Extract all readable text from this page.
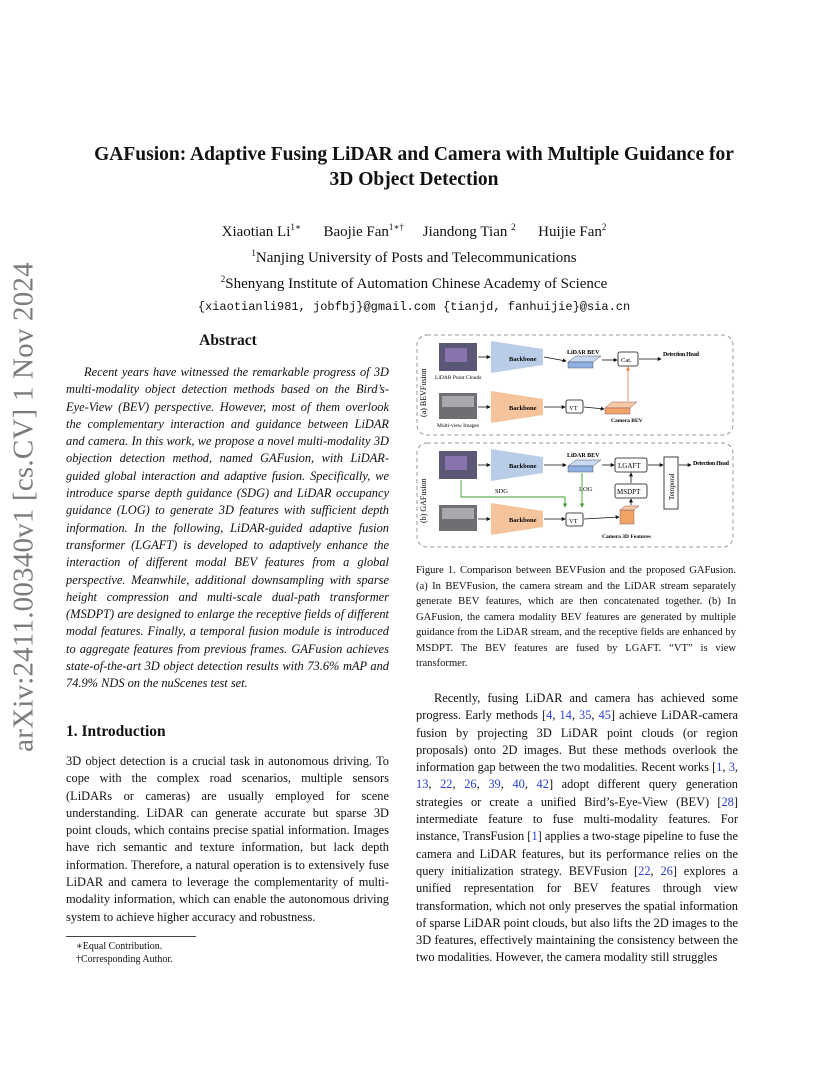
GAFusion: Adaptive Fusing LiDAR and Camera with Multiple Guidance for
3D Object Detection
Xiaotian $Li^{1∗}$ Baojie Fan$^{1∗\dagger}$ Jiandong Tian $^2$ Huijie Fan$^2$
$^1$Nanjing University of Posts and Telecommunications
$^2$Shenyang Institute of Automation Chinese Academy of Science
{xiaotianli981, jobfbj}@gmail.com {tianjd, fanhuijie}@sia.cn
arXiv:2411.00340v1 [cs.CV] 1 Nov 2024	Abstract
Recent years have witnessed the remarkable progress of 3D multi-modality object detection methods based on the Bird’s-Eye-View (BEV) perspective. However, most of them overlook the complementary interaction and guidance between LiDAR and camera. In this work, we propose a novel multi-modality 3D objection detection method, named GAFusion, with LiDAR-guided global interaction and adaptive fusion. Specifically, we introduce sparse depth guidance (SDG) and LiDAR occupancy guidance (LOG) to generate 3D features with sufficient depth information. In the following, LiDAR-guided adaptive fusion transformer (LGAFT) is developed to adaptively enhance the interaction of different modal BEV features from a global perspective. Meanwhile, additional downsampling with sparse height compression and multi-scale dual-path transformer (MSDPT) are designed to enlarge the receptive fields of different modal features. Finally, a temporal fusion module is introduced to aggregate features from previous frames. GAFusion achieves state-of-the-art 3D object detection results with 73.6% mAP and 74.9% NDS on the nuScenes test set.
1. Introduction
3D object detection is a crucial task in autonomous driving. To cope with the complex road scenarios, multiple sensors (LiDARs or cameras) are usually employed for scene understanding. LiDAR can generate accurate but sparse 3D point clouds, which contains precise spatial information. Images have rich semantic and texture information, but lack depth information. Therefore, a natural operation is to extensively fuse LiDAR and camera to leverage the complementarity of multi-modality information, which can enable the autonomous driving system to achieve higher accuracy and robustness.
∗Equal Contribution.
†Corresponding Author.
(a) BEVFusion LiDAR Point Clouds
Backbone
LiDAR BEV
Cat.
Detection Head
Multi-view Images
Backbone	VT
Camera BEV
(b) GAFusion
Backbone
LiDAR BEV
LGAFT
MSDPT	Temporal
Detection Head
SDG	LOG
Backbone	VT
Camera 3D Features
Figure 1. Comparison between BEVFusion and the proposed GAFusion. (a) In BEVFusion, the camera stream and the LiDAR stream separately generate BEV features, which are then concatenated together. (b) In GAFusion, the camera modality BEV features are generated by multiple guidance from the LiDAR stream, and the receptive fields are enhanced by MSDPT. The BEV features are fused by LGAFT. “VT” is view transformer.

Recently, fusing LiDAR and camera has achieved some progress. Early methods [4, 14, 35, 45] achieve LiDAR-camera fusion by projecting 3D LiDAR point clouds (or region proposals) onto 2D images. But these methods overlook the information gap between the two modalities. Recent works [1, 3, 13, 22, 26, 39, 40, 42] adopt different query generation strategies or create a unified Bird’s-Eye-View (BEV) [28] intermediate feature to fuse multi-modality features. For instance, TransFusion [1] applies a two-stage pipeline to fuse the camera and LiDAR features, but its performance relies on the query initialization strategy. BEVFusion [22, 26] explores a unified representation for BEV features through view transformation, which not only preserves the spatial information of sparse LiDAR point clouds, but also lifts the 2D images to the 3D features, effectively maintaining the consistency between the two modalities. However, the camera modality still struggles
